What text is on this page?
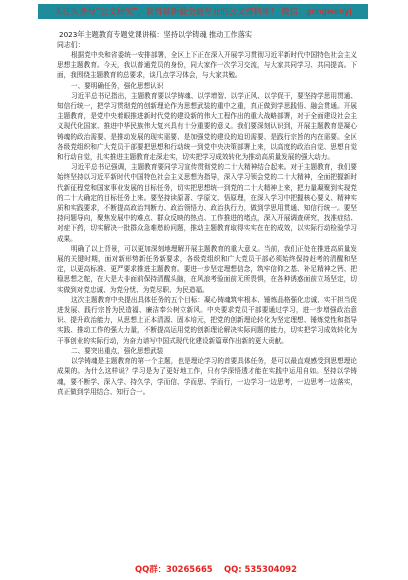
关注头条号“公文研究”，获得最新最全最专业的公文资料库！ 微信：gongwenyj
2023年主题教育专题党课讲稿：坚持以学铸魂 推动工作落实
同志们：

根据党中央和省委统一安排部署，全区上下正在深入开展学习贯彻习近平新时代中国特色社会主义思想主题教育。今天，我以普通党员的身份，同大家作一次学习交流，与大家共同学习、共同提高。下面，我围绕主题教育的总要求，谈几点学习体会，与大家共勉。

一、要明确任务，强化思想认识

习近平总书记指出，主题教育要以学铸魂、以学增智、以学正风、以学促干，要坚持学思用贯通、知信行统一，把学习贯彻党的创新理论作为思想武装的重中之重，真正做到学思践悟、融会贯通。开展主题教育，是党中央着眼推进新时代党的建设新的伟大工程作出的重大战略部署，对于全面建设社会主义现代化国家、推进中华民族伟大复兴具有十分重要的意义。我们要深刻认识到，开展主题教育是凝心铸魂的政治需要、是推动发展的现实需要、是加强党的建设的迫切需要、是践行宗旨的内在需要。全区各级党组织和广大党员干部要把思想和行动统一到党中央决策部署上来，以高度的政治自觉、思想自觉和行动自觉，扎实推进主题教育走深走实，切实把学习成效转化为推动高质量发展的强大动力。

习近平总书记强调，主题教育要同学习宣传贯彻党的二十大精神结合起来。对于主题教育，我们要始终坚持以习近平新时代中国特色社会主义思想为指导，深入学习领会党的二十大精神，全面把握新时代新征程党和国家事业发展的目标任务，切实把思想统一到党的二十大精神上来，把力量凝聚到实现党的二十大确定的目标任务上来。要坚持读原著、学原文、悟原理，在深入学习中把握核心要义、精神实质和实践要求，不断提高政治判断力、政治领悟力、政治执行力，做到学思用贯通、知信行统一。要坚持问题导向，聚焦发展中的难点、群众反映的热点、工作推进的堵点，深入开展调查研究，找准症结、对症下药，切实解决一批群众急难愁盼问题，推动主题教育取得实实在在的成效，以实际行动检验学习成果。

明确了以上背景，可以更加深刻地理解开展主题教育的重大意义。当前，我们正处在推进高质量发展的关键时期，面对新形势新任务新要求，各级党组织和广大党员干部必须始终保持赶考的清醒和坚定，以更高标准、更严要求推进主题教育。要进一步坚定理想信念，筑牢信仰之基、补足精神之钙、把稳思想之舵，在大是大非面前保持清醒头脑，在风浪考验面前无所畏惧，在各种诱惑面前立场坚定，切实做到对党忠诚、为党分忧、为党尽职、为民造福。

这次主题教育中央提出具体任务的五个目标：凝心铸魂筑牢根本、锤炼品格强化忠诚、实干担当促进发展、践行宗旨为民造福、廉洁奉公树立新风。中央要求党员干部要通过学习，进一步增强政治意识、提升政治能力，从思想上正本清源、固本培元，把党的创新理论转化为坚定理想、锤炼党性和指导实践、推动工作的强大力量，不断提高运用党的创新理论解决实际问题的能力，切实把学习成效转化为干事创业的实际行动，为奋力谱写中国式现代化建设新篇章作出新的更大贡献。

二、要突出重点，强化思想武装

以学铸魂是主题教育的第一个主题，也是理论学习的首要具体任务，是可以最直观感受到思想理论成果的。为什么这样说？学习是为了更好地工作，只有学深悟透才能在实践中运用自如。坚持以学铸魂，要不断学、深入学、持久学，学而信、学而思、学而行，一边学习一边思考，一边思考一边落实，真正做到学用结合、知行合一。

QQ群：30265665 QQ: 535304092
